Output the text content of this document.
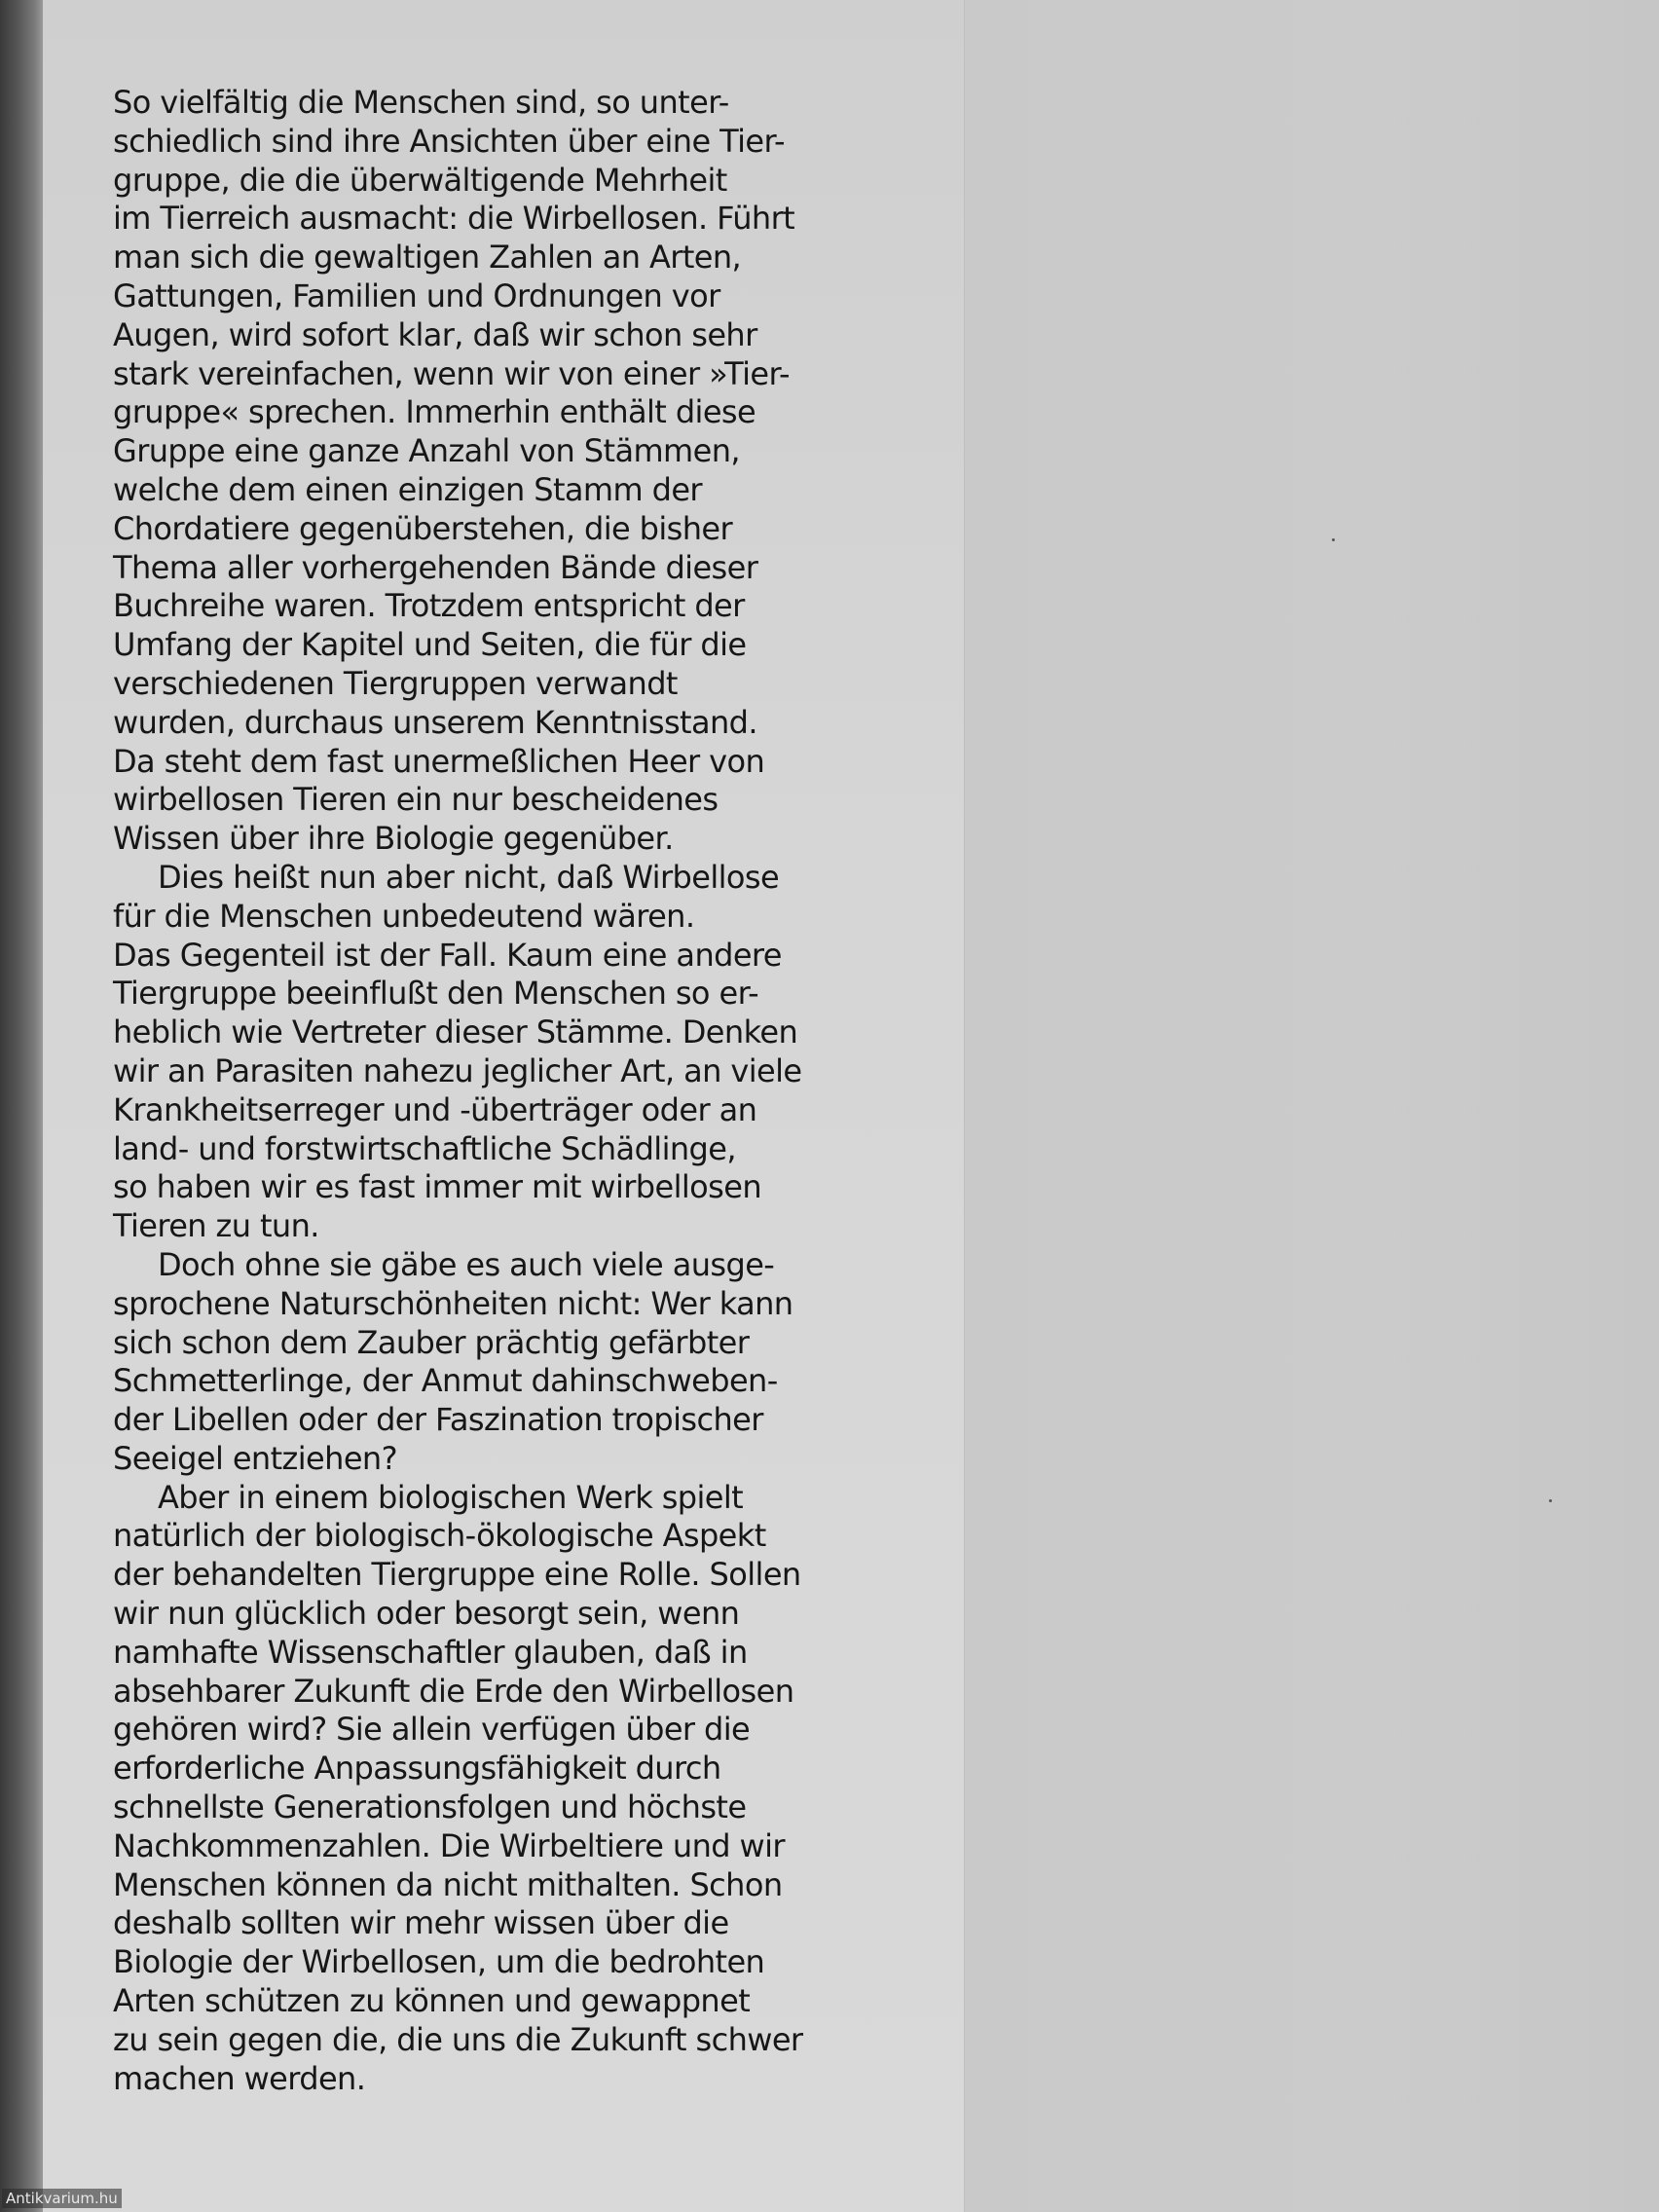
So vielfältig die Menschen sind, so unter-
schiedlich sind ihre Ansichten über eine Tier-
gruppe, die die überwältigende Mehrheit
im Tierreich ausmacht: die Wirbellosen. Führt
man sich die gewaltigen Zahlen an Arten,
Gattungen, Familien und Ordnungen vor
Augen, wird sofort klar, daß wir schon sehr
stark vereinfachen, wenn wir von einer »Tier-
gruppe« sprechen. Immerhin enthält diese
Gruppe eine ganze Anzahl von Stämmen,
welche dem einen einzigen Stamm der
Chordatiere gegenüberstehen, die bisher
Thema aller vorhergehenden Bände dieser
Buchreihe waren. Trotzdem entspricht der
Umfang der Kapitel und Seiten, die für die
verschiedenen Tiergruppen verwandt
wurden, durchaus unserem Kenntnisstand.
Da steht dem fast unermeßlichen Heer von
wirbellosen Tieren ein nur bescheidenes
Wissen über ihre Biologie gegenüber.
Dies heißt nun aber nicht, daß Wirbellose
für die Menschen unbedeutend wären.
Das Gegenteil ist der Fall. Kaum eine andere
Tiergruppe beeinflußt den Menschen so er-
heblich wie Vertreter dieser Stämme. Denken
wir an Parasiten nahezu jeglicher Art, an viele
Krankheitserreger und -überträger oder an
land- und forstwirtschaftliche Schädlinge,
so haben wir es fast immer mit wirbellosen
Tieren zu tun.
Doch ohne sie gäbe es auch viele ausge-
sprochene Naturschönheiten nicht: Wer kann
sich schon dem Zauber prächtig gefärbter
Schmetterlinge, der Anmut dahinschweben-
der Libellen oder der Faszination tropischer
Seeigel entziehen?
Aber in einem biologischen Werk spielt
natürlich der biologisch-ökologische Aspekt
der behandelten Tiergruppe eine Rolle. Sollen
wir nun glücklich oder besorgt sein, wenn
namhafte Wissenschaftler glauben, daß in
absehbarer Zukunft die Erde den Wirbellosen
gehören wird? Sie allein verfügen über die
erforderliche Anpassungsfähigkeit durch
schnellste Generationsfolgen und höchste
Nachkommenzahlen. Die Wirbeltiere und wir
Menschen können da nicht mithalten. Schon
deshalb sollten wir mehr wissen über die
Biologie der Wirbellosen, um die bedrohten
Arten schützen zu können und gewappnet
zu sein gegen die, die uns die Zukunft schwer
machen werden.
Antikvarium.hu
